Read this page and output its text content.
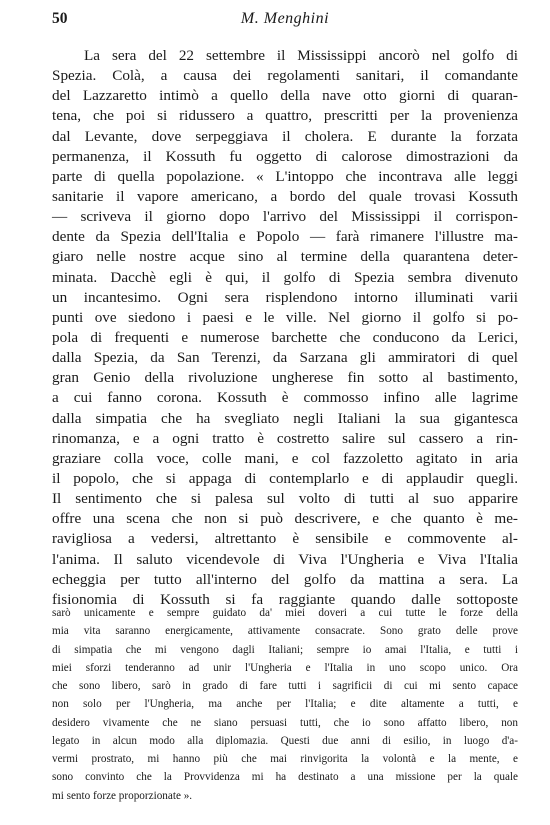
50	M. Menghini
La sera del 22 settembre il Mississippi ancorò nel golfo di
Spezia. Colà, a causa dei regolamenti sanitari, il comandante
del Lazzaretto intimò a quello della nave otto giorni di quaran-
tena, che poi si ridussero a quattro, prescritti per la provenienza
dal Levante, dove serpeggiava il cholera. E durante la forzata
permanenza, il Kossuth fu oggetto di calorose dimostrazioni da
parte di quella popolazione. « L'intoppo che incontrava alle leggi
sanitarie il vapore americano, a bordo del quale trovasi Kossuth
— scriveva il giorno dopo l'arrivo del Mississippi il corrispon-
dente da Spezia dell'Italia e Popolo — farà rimanere l'illustre ma-
giaro nelle nostre acque sino al termine della quarantena deter-
minata. Dacchè egli è qui, il golfo di Spezia sembra divenuto
un incantesimo. Ogni sera risplendono intorno illuminati varii
punti ove siedono i paesi e le ville. Nel giorno il golfo si po-
pola di frequenti e numerose barchette che conducono da Lerici,
dalla Spezia, da San Terenzi, da Sarzana gli ammiratori di quel
gran Genio della rivoluzione ungherese fin sotto al bastimento,
a cui fanno corona. Kossuth è commosso infino alle lagrime
dalla simpatia che ha svegliato negli Italiani la sua gigantesca
rinomanza, e a ogni tratto è costretto salire sul cassero a rin-
graziare colla voce, colle mani, e col fazzoletto agitato in aria
il popolo, che si appaga di contemplarlo e di applaudir quegli.
Il sentimento che si palesa sul volto di tutti al suo apparire
offre una scena che non si può descrivere, e che quanto è me-
ravigliosa a vedersi, altrettanto è sensibile e commovente al-
l'anima. Il saluto vicendevole di Viva l'Ungheria e Viva l'Italia
echeggia per tutto all'interno del golfo da mattina a sera. La
fisionomia di Kossuth si fa raggiante quando dalle sottoposte
sarò unicamente e sempre guidato da' miei doveri a cui tutte le forze della
mia vita saranno energicamente, attivamente consacrate. Sono grato delle prove
di simpatia che mi vengono dagli Italiani; sempre io amai l'Italia, e tutti i
miei sforzi tenderanno ad unir l'Ungheria e l'Italia in uno scopo unico. Ora
che sono libero, sarò in grado di fare tutti i sagrificii di cui mi sento capace
non solo per l'Ungheria, ma anche per l'Italia; e dite altamente a tutti, e
desidero vivamente che ne siano persuasi tutti, che io sono affatto libero, non
legato in alcun modo alla diplomazia. Questi due anni di esilio, in luogo d'a-
vermi prostrato, mi hanno più che mai rinvigorita la volontà e la mente, e
sono convinto che la Provvidenza mi ha destinato a una missione per la quale
mi sento forze proporzionate ».
